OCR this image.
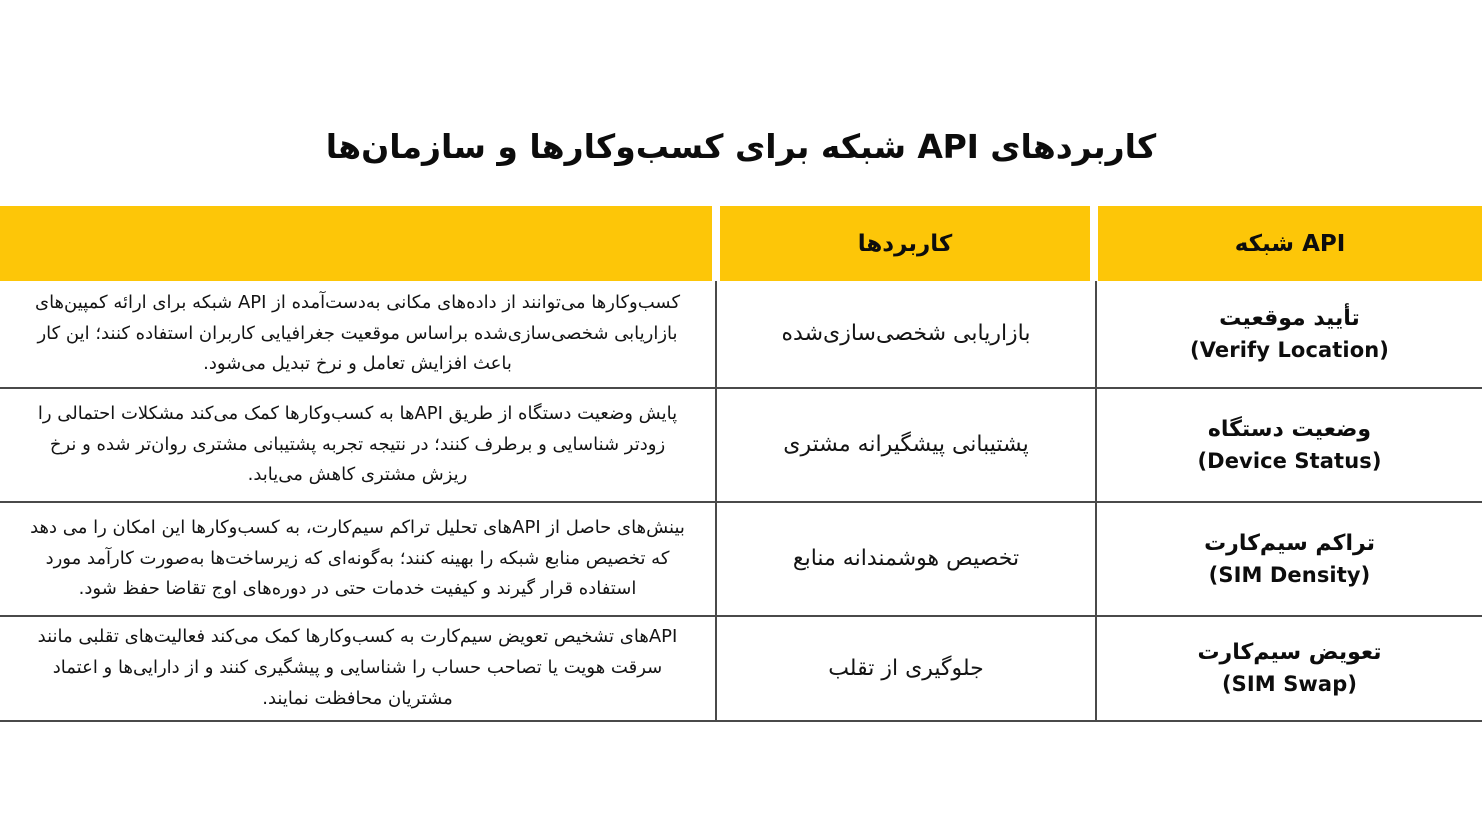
کاربردهای API شبکه برای کسب‌وکارها و سازمان‌ها
API شبکه
کاربردها
تأیید موقعیت
(Verify Location)
بازاریابی شخصی‌سازی‌شده
کسب‌وکارها می‌توانند از داده‌های مکانی به‌دست‌آمده از API شبکه برای ارائه کمپین‌های بازاریابی شخصی‌سازی‌شده براساس موقعیت جغرافیایی کاربران استفاده کنند؛ این کار باعث افزایش تعامل و نرخ تبدیل می‌شود.
وضعیت دستگاه
(Device Status)
پشتیبانی پیشگیرانه مشتری
پایش وضعیت دستگاه از طریق API‌ها به کسب‌وکارها کمک می‌کند مشکلات احتمالی را زودتر شناسایی و برطرف کنند؛ در نتیجه تجربه پشتیبانی مشتری روان‌تر شده و نرخ ریزش مشتری کاهش می‌یابد.
تراکم سیم‌کارت
(SIM Density)
تخصیص هوشمندانه منابع
بینش‌های حاصل از API‌های تحلیل تراکم سیم‌کارت، به کسب‌وکارها این امکان را می دهد که تخصیص منابع شبکه را بهینه کنند؛ به‌گونه‌ای که زیرساخت‌ها به‌صورت کارآمد مورد استفاده قرار گیرند و کیفیت خدمات حتی در دوره‌های اوج تقاضا حفظ شود.
تعویض سیم‌کارت
(SIM Swap)
جلوگیری از تقلب
API‌های تشخیص تعویض سیم‌کارت به کسب‌وکارها کمک می‌کند فعالیت‌های تقلبی مانند سرقت هویت یا تصاحب حساب را شناسایی و پیشگیری کنند و از دارایی‌ها و اعتماد مشتریان محافظت نمایند.
